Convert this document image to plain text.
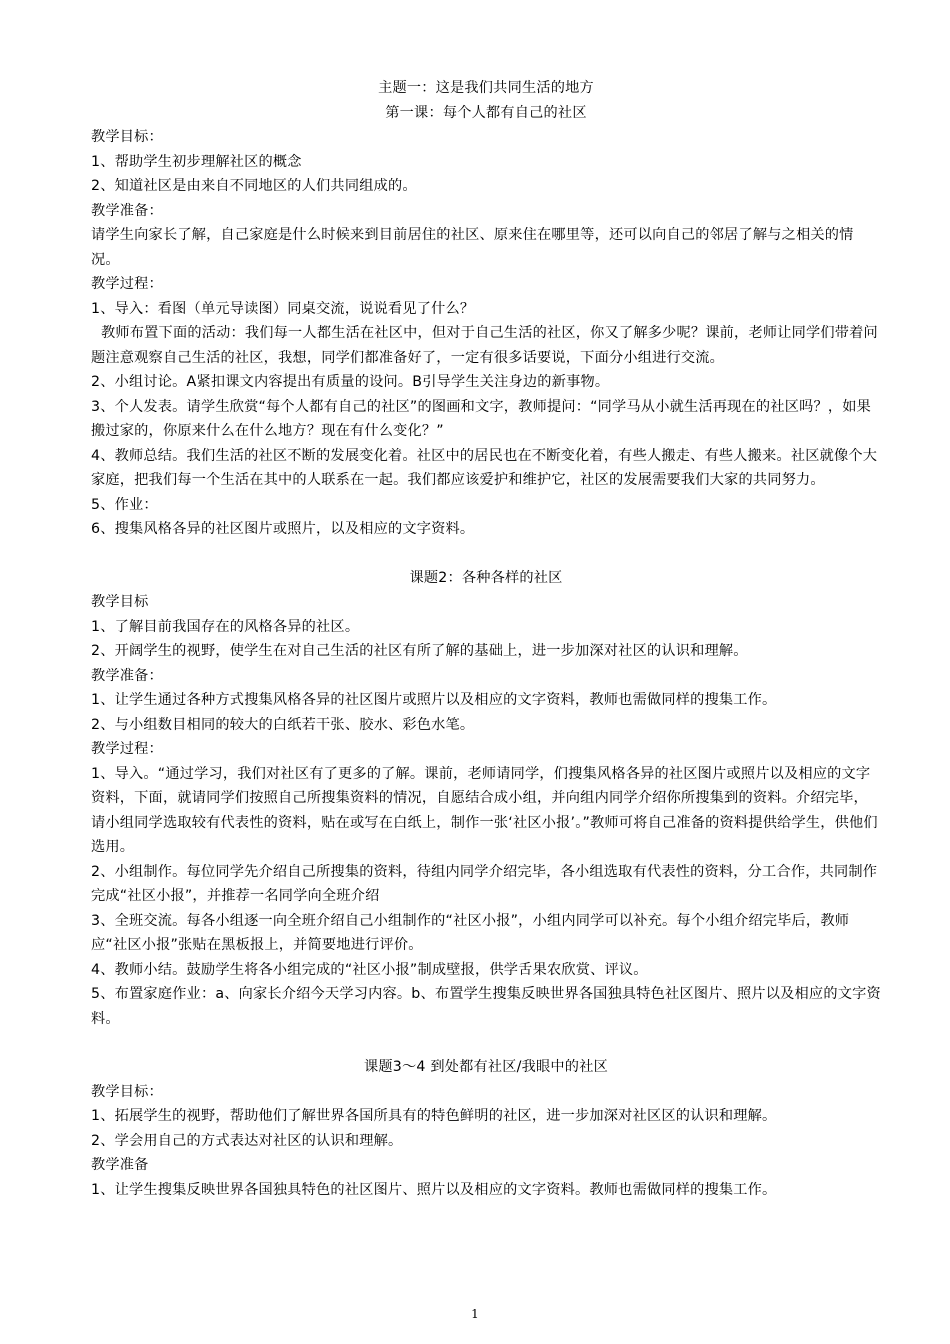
主题一：这是我们共同生活的地方

第一课：每个人都有自己的社区

教学目标：

1、帮助学生初步理解社区的概念

2、知道社区是由来自不同地区的人们共同组成的。

教学准备：

请学生向家长了解，自己家庭是什么时候来到目前居住的社区、原来住在哪里等，还可以向自己的邻居了解与之相关的情况。

教学过程：

1、导入：看图（单元导读图）同桌交流，说说看见了什么？

教师布置下面的活动：我们每一人都生活在社区中，但对于自己生活的社区，你又了解多少呢？课前，老师让同学们带着问题注意观察自己生活的社区，我想，同学们都准备好了，一定有很多话要说，下面分小组进行交流。

2、小组讨论。A紧扣课文内容提出有质量的设问。B引导学生关注身边的新事物。

3、个人发表。请学生欣赏“每个人都有自己的社区”的图画和文字，教师提问：“同学马从小就生活再现在的社区吗？，如果搬过家的，你原来什么在什么地方？现在有什么变化？”

4、教师总结。我们生活的社区不断的发展变化着。社区中的居民也在不断变化着，有些人搬走、有些人搬来。社区就像个大家庭，把我们每一个生活在其中的人联系在一起。我们都应该爱护和维护它，社区的发展需要我们大家的共同努力。

5、作业：

6、搜集风格各异的社区图片或照片，以及相应的文字资料。

课题2：各种各样的社区

教学目标

1、了解目前我国存在的风格各异的社区。

2、开阔学生的视野，使学生在对自己生活的社区有所了解的基础上，进一步加深对社区的认识和理解。

教学准备：

1、让学生通过各种方式搜集风格各异的社区图片或照片以及相应的文字资料，教师也需做同样的搜集工作。

2、与小组数目相同的较大的白纸若干张、胶水、彩色水笔。

教学过程：

1、导入。“通过学习，我们对社区有了更多的了解。课前，老师请同学，们搜集风格各异的社区图片或照片以及相应的文字资料，下面，就请同学们按照自己所搜集资料的情况，自愿结合成小组，并向组内同学介绍你所搜集到的资料。介绍完毕，请小组同学选取较有代表性的资料，贴在或写在白纸上，制作一张‘社区小报’。”教师可将自己准备的资料提供给学生，供他们选用。

2、小组制作。每位同学先介绍自己所搜集的资料，待组内同学介绍完毕，各小组选取有代表性的资料，分工合作，共同制作完成“社区小报”，并推荐一名同学向全班介绍

3、全班交流。每各小组逐一向全班介绍自己小组制作的“社区小报”，小组内同学可以补充。每个小组介绍完毕后，教师应“社区小报”张贴在黑板报上，并简要地进行评价。

4、教师小结。鼓励学生将各小组完成的“社区小报”制成壁报，供学舌果农欣赏、评议。

5、布置家庭作业：a、向家长介绍今天学习内容。b、布置学生搜集反映世界各国独具特色社区图片、照片以及相应的文字资料。

课题3～4 到处都有社区/我眼中的社区

教学目标：

1、拓展学生的视野，帮助他们了解世界各国所具有的特色鲜明的社区，进一步加深对社区区的认识和理解。

2、学会用自己的方式表达对社区的认识和理解。

教学准备

1、让学生搜集反映世界各国独具特色的社区图片、照片以及相应的文字资料。教师也需做同样的搜集工作。

1
